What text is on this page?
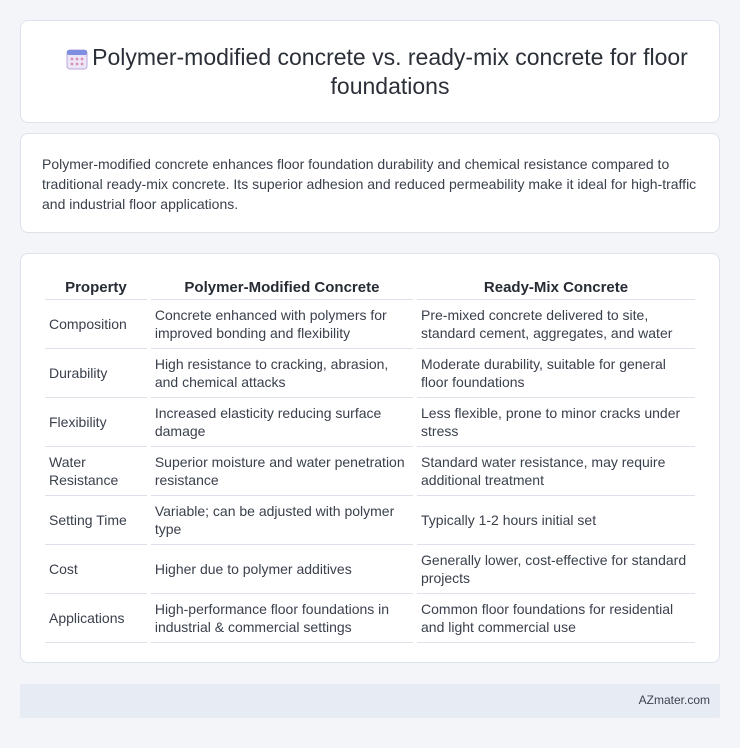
Polymer-modified concrete vs. ready-mix concrete for floor foundations

Polymer-modified concrete enhances floor foundation durability and chemical resistance compared to traditional ready-mix concrete. Its superior adhesion and reduced permeability make it ideal for high-traffic and industrial floor applications.

Property	Polymer-Modified Concrete	Ready-Mix Concrete
Composition	Concrete enhanced with polymers for improved bonding and flexibility	Pre-mixed concrete delivered to site, standard cement, aggregates, and water
Durability	High resistance to cracking, abrasion, and chemical attacks	Moderate durability, suitable for general floor foundations
Flexibility	Increased elasticity reducing surface damage	Less flexible, prone to minor cracks under stress
Water Resistance	Superior moisture and water penetration resistance	Standard water resistance, may require additional treatment
Setting Time	Variable; can be adjusted with polymer type	Typically 1-2 hours initial set
Cost	Higher due to polymer additives	Generally lower, cost-effective for standard projects
Applications	High-performance floor foundations in industrial & commercial settings	Common floor foundations for residential and light commercial use
AZmater.com
